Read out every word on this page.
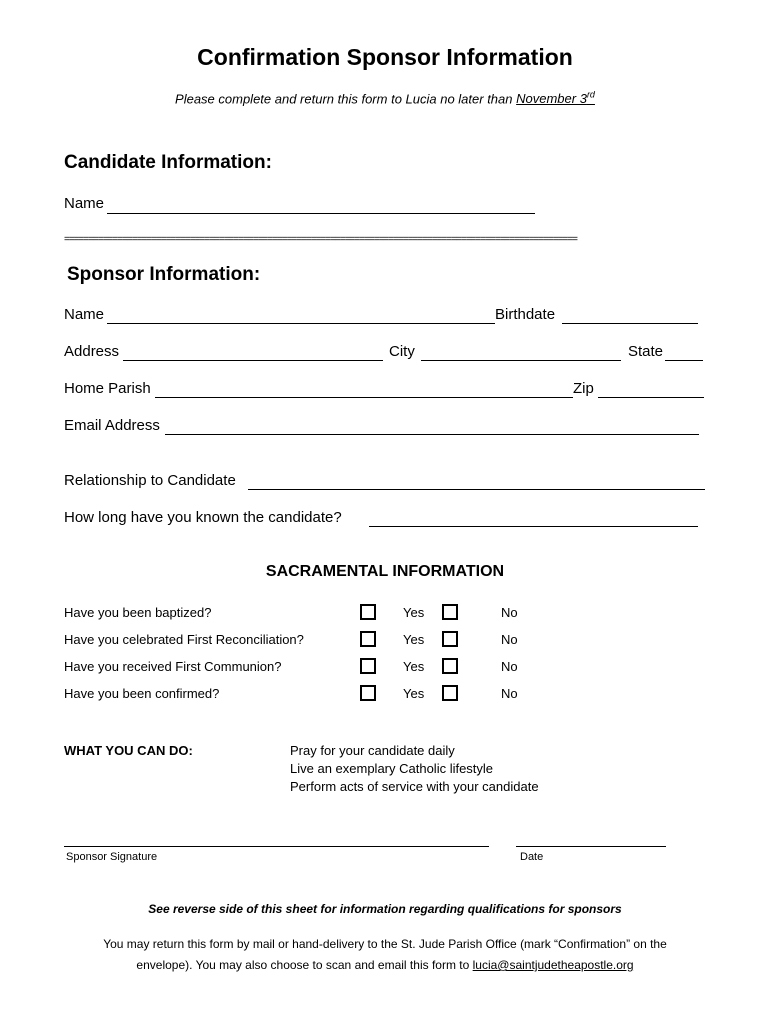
Confirmation Sponsor Information
Please complete and return this form to Lucia no later than November 3rd
Candidate Information:
Name
==========================================================================================================
Sponsor Information:
Name	Birthdate
Address	City	State
Home Parish	Zip
Email Address
Relationship to Candidate
How long have you known the candidate?
SACRAMENTAL INFORMATION
Have you been baptized?	Yes	No
Have you celebrated First Reconciliation?	Yes	No
Have you received First Communion?	Yes	No
Have you been confirmed?	Yes	No
WHAT YOU CAN DO:	Pray for your candidate daily
Live an exemplary Catholic lifestyle
Perform acts of service with your candidate
Sponsor Signature	Date
See reverse side of this sheet for information regarding qualifications for sponsors
You may return this form by mail or hand-delivery to the St. Jude Parish Office (mark “Confirmation” on the
envelope). You may also choose to scan and email this form to lucia@saintjudetheapostle.org
